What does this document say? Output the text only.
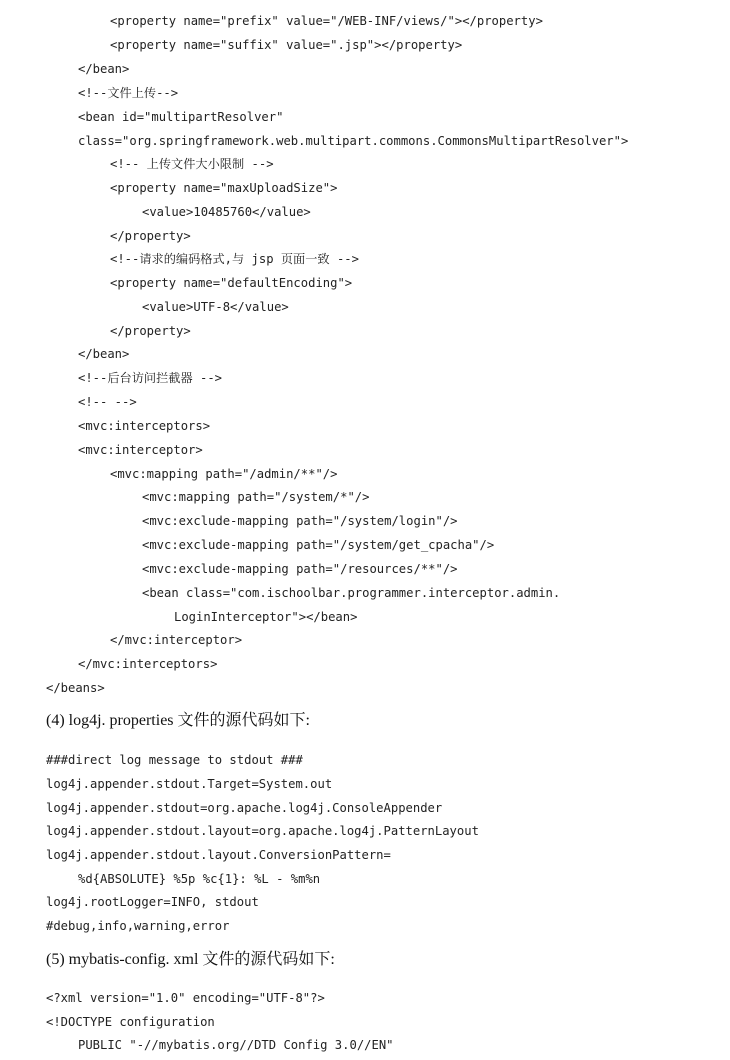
<property name="prefix" value="/WEB-INF/views/"></property>
<property name="suffix" value=".jsp"></property>
</bean>
<!--文件上传-->
<bean id="multipartResolver"
class="org.springframework.web.multipart.commons.CommonsMultipartResolver">
<!-- 上传文件大小限制 -->
<property name="maxUploadSize">
<value>10485760</value>
</property>
<!--请求的编码格式,与 jsp 页面一致 -->
<property name="defaultEncoding">
<value>UTF-8</value>
</property>
</bean>
<!--后台访问拦截器 -->
<!-- -->
<mvc:interceptors>
<mvc:interceptor>
<mvc:mapping path="/admin/**"/>
<mvc:mapping path="/system/*"/>
<mvc:exclude-mapping path="/system/login"/>
<mvc:exclude-mapping path="/system/get_cpacha"/>
<mvc:exclude-mapping path="/resources/**"/>
<bean class="com.ischoolbar.programmer.interceptor.admin.
LoginInterceptor"></bean>
</mvc:interceptor>
</mvc:interceptors>
</beans>
(4) log4j. properties 文件的源代码如下:
###direct log message to stdout ###
log4j.appender.stdout.Target=System.out
log4j.appender.stdout=org.apache.log4j.ConsoleAppender
log4j.appender.stdout.layout=org.apache.log4j.PatternLayout
log4j.appender.stdout.layout.ConversionPattern=
%d{ABSOLUTE} %5p %c{1}: %L - %m%n
log4j.rootLogger=INFO, stdout
#debug,info,warning,error
(5) mybatis-config. xml 文件的源代码如下:
<?xml version="1.0" encoding="UTF-8"?>
<!DOCTYPE configuration
PUBLIC "-//mybatis.org//DTD Config 3.0//EN"
